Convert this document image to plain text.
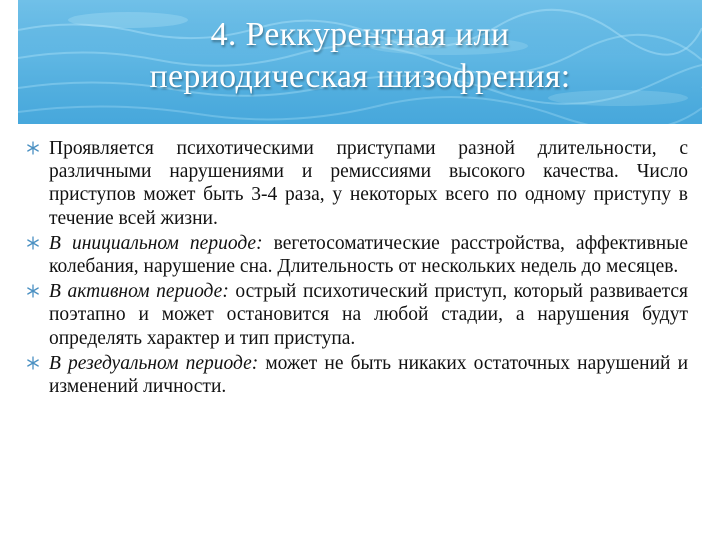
4. Реккурентная или
периодическая шизофрения:

Проявляется психотическими приступами разной длительности, с различными нарушениями и ремиссиями высокого качества. Число приступов может быть 3-4 раза, у некоторых всего по одному приступу в течение всей жизни.

В инициальном периоде: вегетосоматические расстройства, аффективные колебания, нарушение сна. Длительность от нескольких недель до месяцев.

В активном периоде: острый психотический приступ, который развивается поэтапно и может остановится на любой стадии, а нарушения будут определять характер и тип приступа.

В резедуальном периоде: может не быть никаких остаточных нарушений и изменений личности.
